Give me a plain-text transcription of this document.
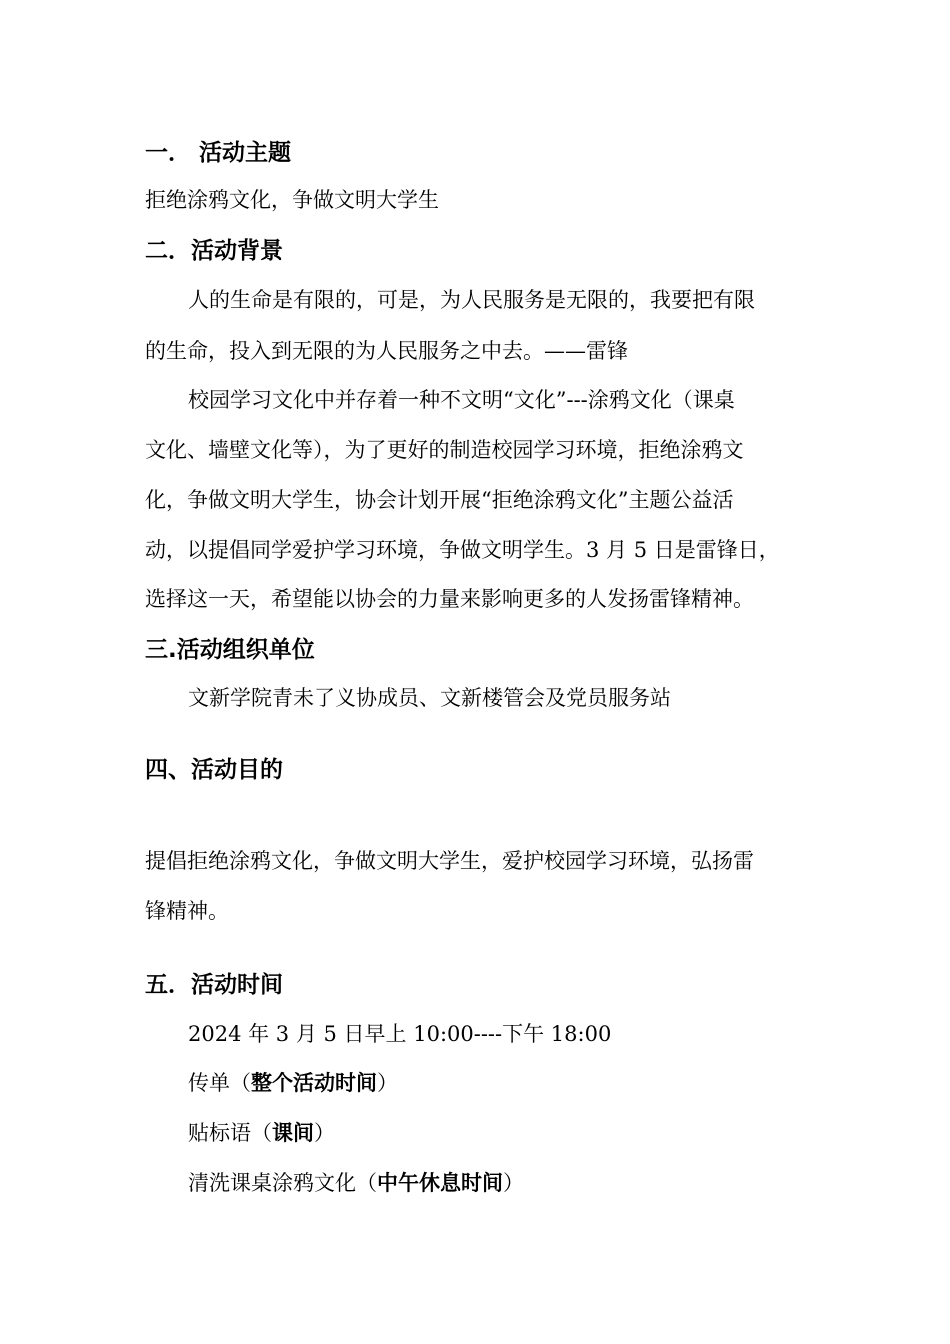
一． 活动主题
拒绝涂鸦文化，争做文明大学生
二．活动背景
人的生命是有限的，可是，为人民服务是无限的，我要把有限
的生命，投入到无限的为人民服务之中去。——雷锋
校园学习文化中并存着一种不文明“文化”---涂鸦文化（课桌
文化、墙壁文化等），为了更好的制造校园学习环境，拒绝涂鸦文
化，争做文明大学生，协会计划开展“拒绝涂鸦文化”主题公益活
动，以提倡同学爱护学习环境，争做文明学生。3 月 5 日是雷锋日，
选择这一天，希望能以协会的力量来影响更多的人发扬雷锋精神。
三.活动组织单位
文新学院青未了义协成员、文新楼管会及党员服务站
四、活动目的
提倡拒绝涂鸦文化，争做文明大学生，爱护校园学习环境，弘扬雷
锋精神。
五．活动时间
2024 年 3 月 5 日早上 10:00----下午 18:00
传单（整个活动时间）
贴标语（课间）
清洗课桌涂鸦文化（中午休息时间）
